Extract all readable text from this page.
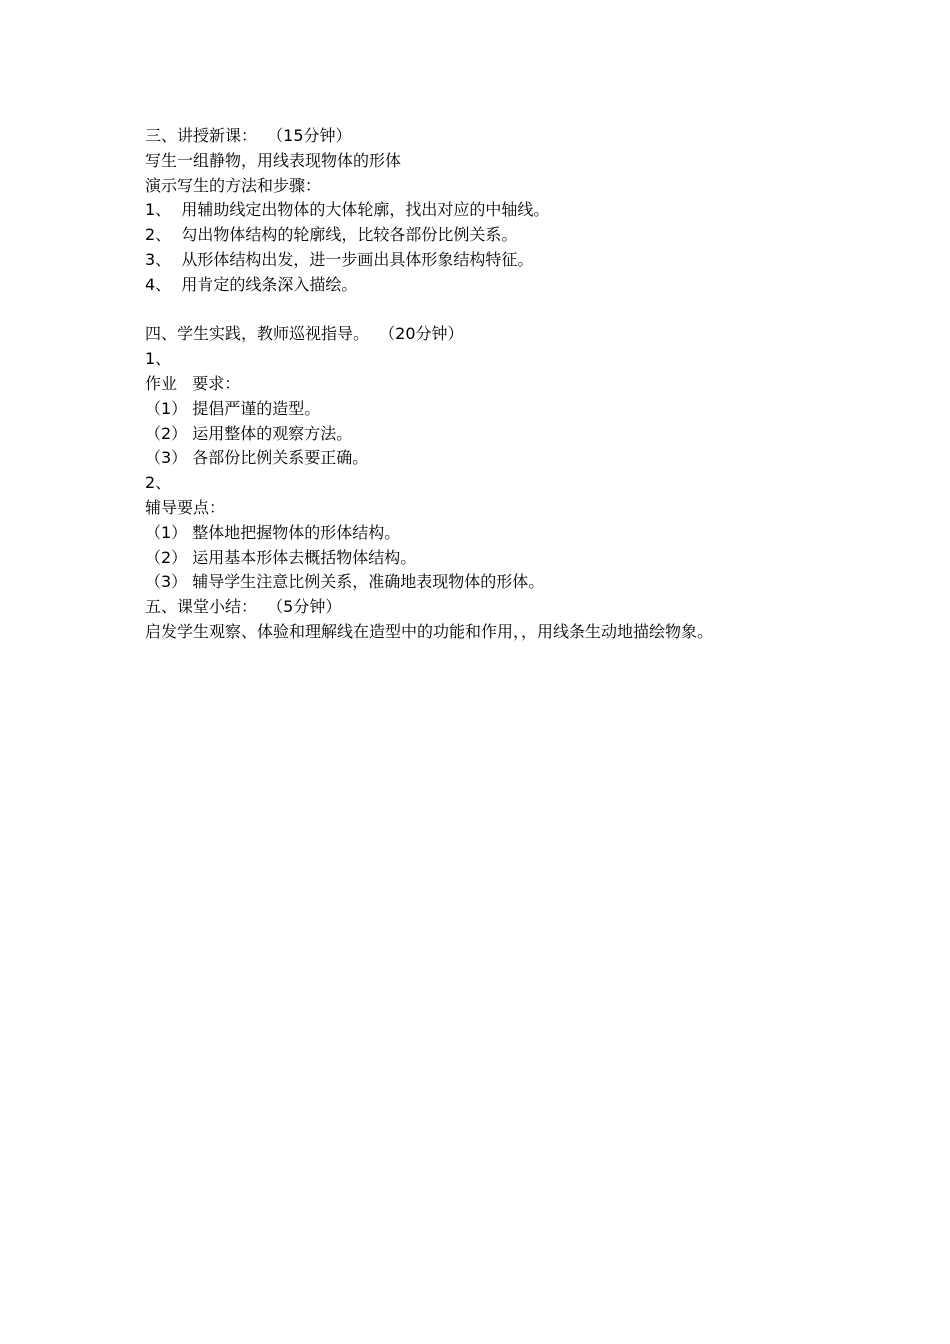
三、讲授新课：  （15分钟）
写生一组静物，用线表现物体的形体
演示写生的方法和步骤：
1、 用辅助线定出物体的大体轮廓，找出对应的中轴线。
2、 勾出物体结构的轮廓线，比较各部份比例关系。
3、 从形体结构出发，进一步画出具体形象结构特征。
4、 用肯定的线条深入描绘。
四、学生实践，教师巡视指导。  （20分钟）
1、
作业   要求：
（1） 提倡严谨的造型。
（2） 运用整体的观察方法。
（3） 各部份比例关系要正确。
2、
辅导要点：
（1） 整体地把握物体的形体结构。
（2） 运用基本形体去概括物体结构。
（3） 辅导学生注意比例关系，准确地表现物体的形体。
五、课堂小结：  （5分钟）
启发学生观察、体验和理解线在造型中的功能和作用，，用线条生动地描绘物象。
